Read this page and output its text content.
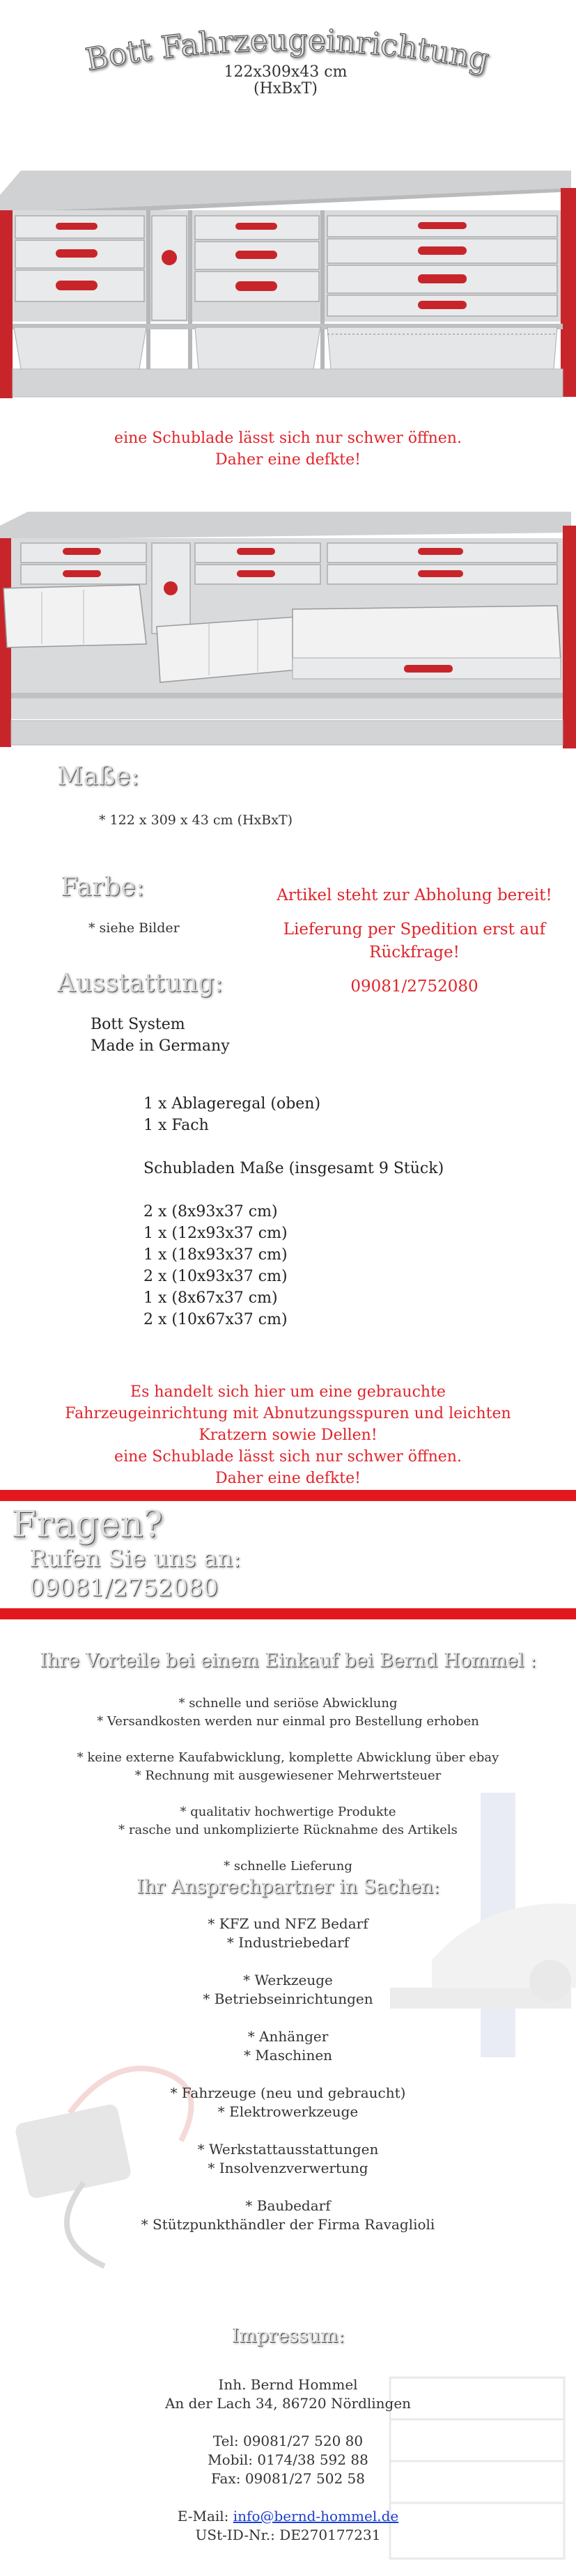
Bott Fahrzeugeinrichtung
122x309x43 cm
(HxBxT)
eine Schublade lässt sich nur schwer öffnen.
Daher eine defkte!
Maße:
* 122 x 309 x 43 cm (HxBxT)
Farbe:
* siehe Bilder
Artikel steht zur Abholung bereit!
Lieferung per Spedition erst auf
Rückfrage!
09081/2752080
Ausstattung:
Bott System
Made in Germany
1 x Ablageregal (oben)
1 x Fach
Schubladen Maße (insgesamt 9 Stück)
2 x (8x93x37 cm)
1 x (12x93x37 cm)
1 x (18x93x37 cm)
2 x (10x93x37 cm)
1 x (8x67x37 cm)
2 x (10x67x37 cm)
Es handelt sich hier um eine gebrauchte
Fahrzeugeinrichtung mit Abnutzungsspuren und leichten
Kratzern sowie Dellen!
eine Schublade lässt sich nur schwer öffnen.
Daher eine defkte!
Fragen?
Rufen Sie uns an:
09081/2752080
Ihre Vorteile bei einem Einkauf bei Bernd Hommel :
* schnelle und seriöse Abwicklung
* Versandkosten werden nur einmal pro Bestellung erhoben
* keine externe Kaufabwicklung, komplette Abwicklung über ebay
* Rechnung mit ausgewiesener Mehrwertsteuer
* qualitativ hochwertige Produkte
* rasche und unkomplizierte Rücknahme des Artikels
* schnelle Lieferung
Ihr Ansprechpartner in Sachen:
* KFZ und NFZ Bedarf
* Industriebedarf
* Werkzeuge
* Betriebseinrichtungen
* Anhänger
* Maschinen
* Fahrzeuge (neu und gebraucht)
* Elektrowerkzeuge
* Werkstattausstattungen
* Insolvenzverwertung
* Baubedarf
* Stützpunkthändler der Firma Ravaglioli
Impressum:
Inh. Bernd Hommel
An der Lach 34, 86720 Nördlingen
Tel: 09081/27 520 80
Mobil: 0174/38 592 88
Fax: 09081/27 502 58
E-Mail: info@bernd-hommel.de
USt-ID-Nr.: DE270177231
